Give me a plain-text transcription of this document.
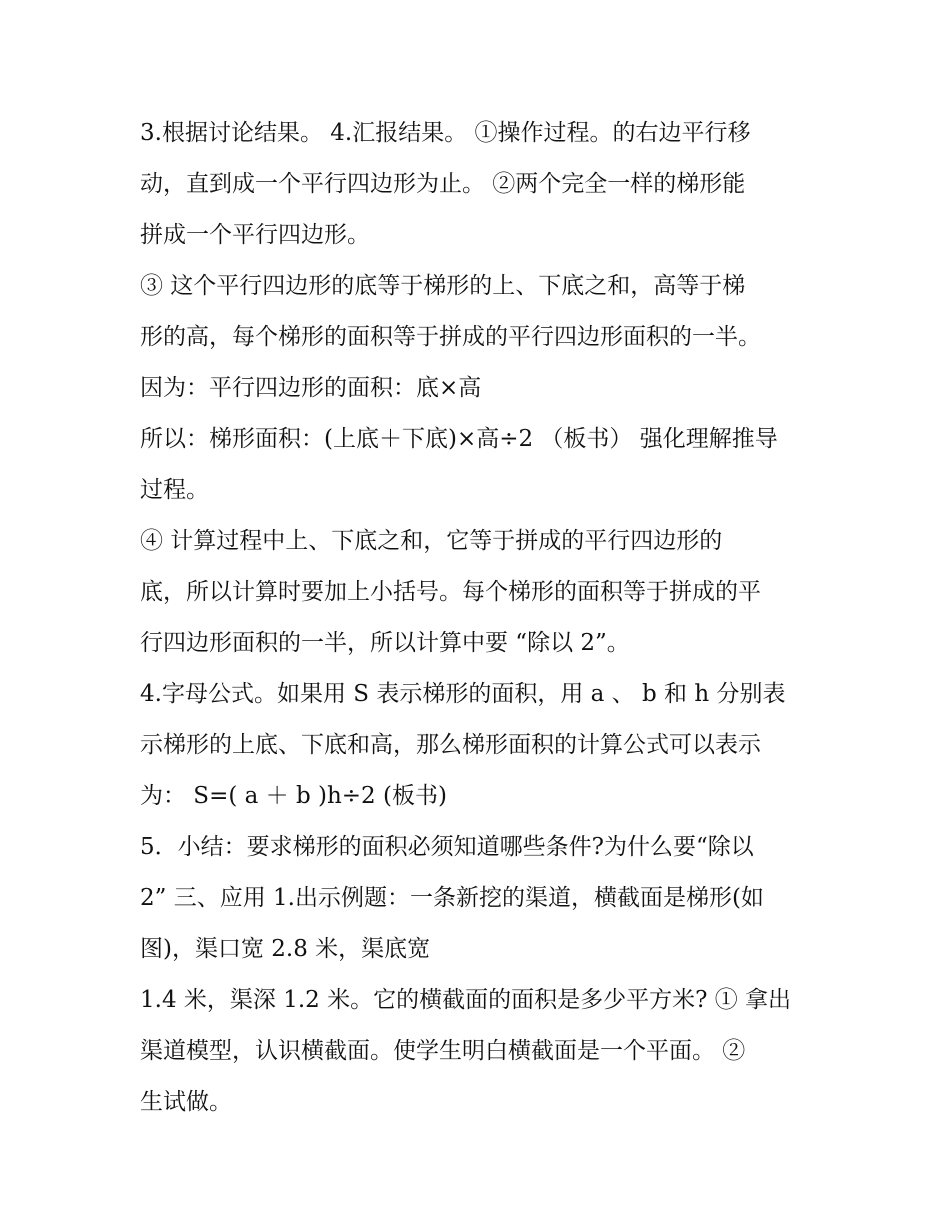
3.根据讨论结果。 4.汇报结果。 ①操作过程。的右边平行移
动，直到成一个平行四边形为止。 ②两个完全一样的梯形能
拼成一个平行四边形。
③ 这个平行四边形的底等于梯形的上、下底之和，高等于梯
形的高，每个梯形的面积等于拼成的平行四边形面积的一半。
因为：平行四边形的面积：底×高
所以：梯形面积：(上底＋下底)×高÷2 （板书） 强化理解推导
过程。
④ 计算过程中上、下底之和，它等于拼成的平行四边形的
底，所以计算时要加上小括号。每个梯形的面积等于拼成的平
行四边形面积的一半，所以计算中要 “除以 2”。
4.字母公式。如果用 S 表示梯形的面积，用 a 、 b 和 h 分别表
示梯形的上底、下底和高，那么梯形面积的计算公式可以表示
为： S=( a ＋ b )h÷2 (板书)
5．小结：要求梯形的面积必须知道哪些条件?为什么要“除以
2” 三、应用 1.出示例题：一条新挖的渠道，横截面是梯形(如
图)，渠口宽 2.8 米，渠底宽
1.4 米，渠深 1.2 米。它的横截面的面积是多少平方米? ① 拿出
渠道模型，认识横截面。使学生明白横截面是一个平面。 ②
生试做。
